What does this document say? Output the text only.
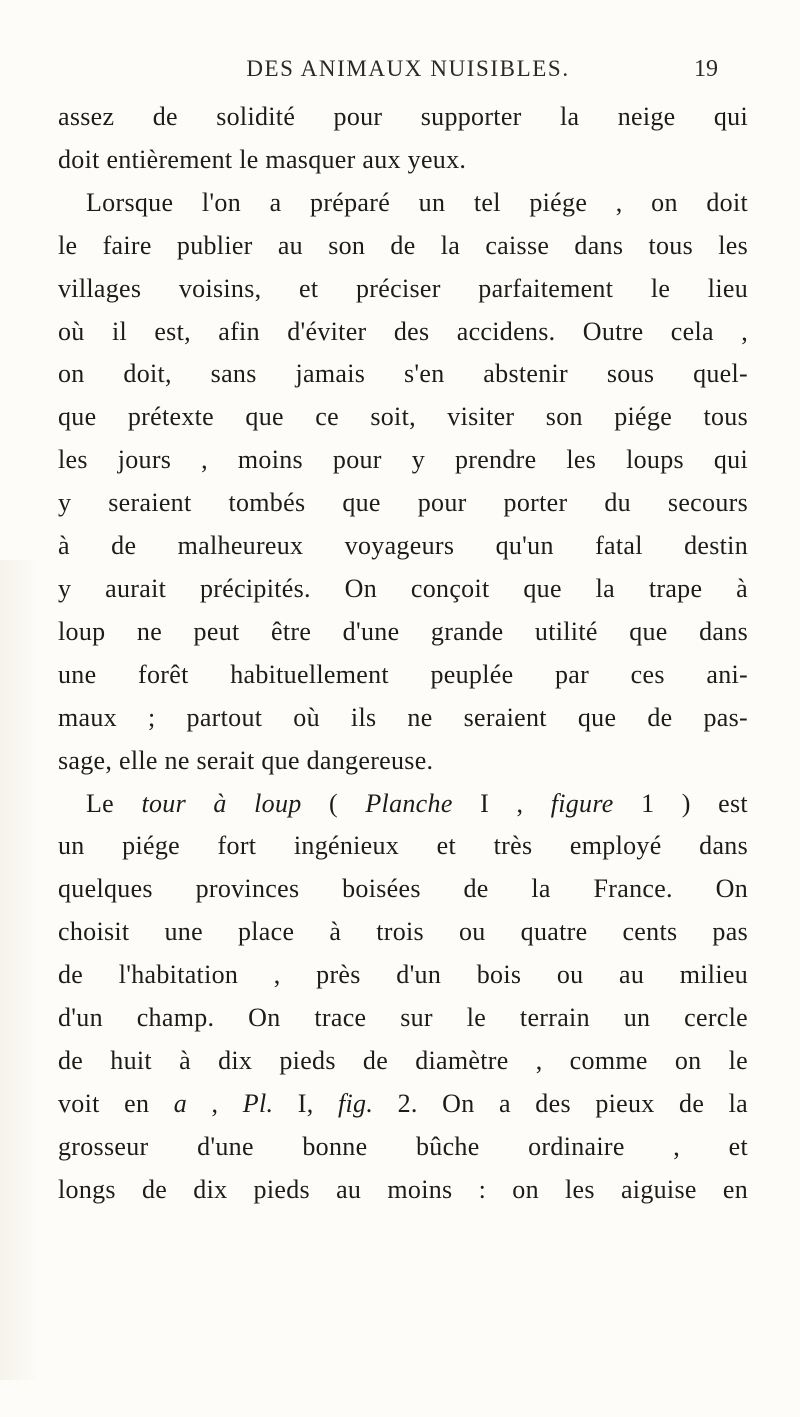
DES ANIMAUX NUISIBLES.	19
assez de solidité pour supporter la neige qui
doit entièrement le masquer aux yeux.
Lorsque l'on a préparé un tel piége , on doit
le faire publier au son de la caisse dans tous les
villages voisins, et préciser parfaitement le lieu
où il est, afin d'éviter des accidens. Outre cela ,
on doit, sans jamais s'en abstenir sous quel-
que prétexte que ce soit, visiter son piége tous
les jours , moins pour y prendre les loups qui
y seraient tombés que pour porter du secours
à de malheureux voyageurs qu'un fatal destin
y aurait précipités. On conçoit que la trape à
loup ne peut être d'une grande utilité que dans
une forêt habituellement peuplée par ces ani-
maux ; partout où ils ne seraient que de pas-
sage, elle ne serait que dangereuse.
Le tour à loup ( Planche I , figure 1 ) est
un piége fort ingénieux et très employé dans
quelques provinces boisées de la France. On
choisit une place à trois ou quatre cents pas
de l'habitation , près d'un bois ou au milieu
d'un champ. On trace sur le terrain un cercle
de huit à dix pieds de diamètre , comme on le
voit en a , Pl. I, fig. 2. On a des pieux de la
grosseur d'une bonne bûche ordinaire , et
longs de dix pieds au moins : on les aiguise en
